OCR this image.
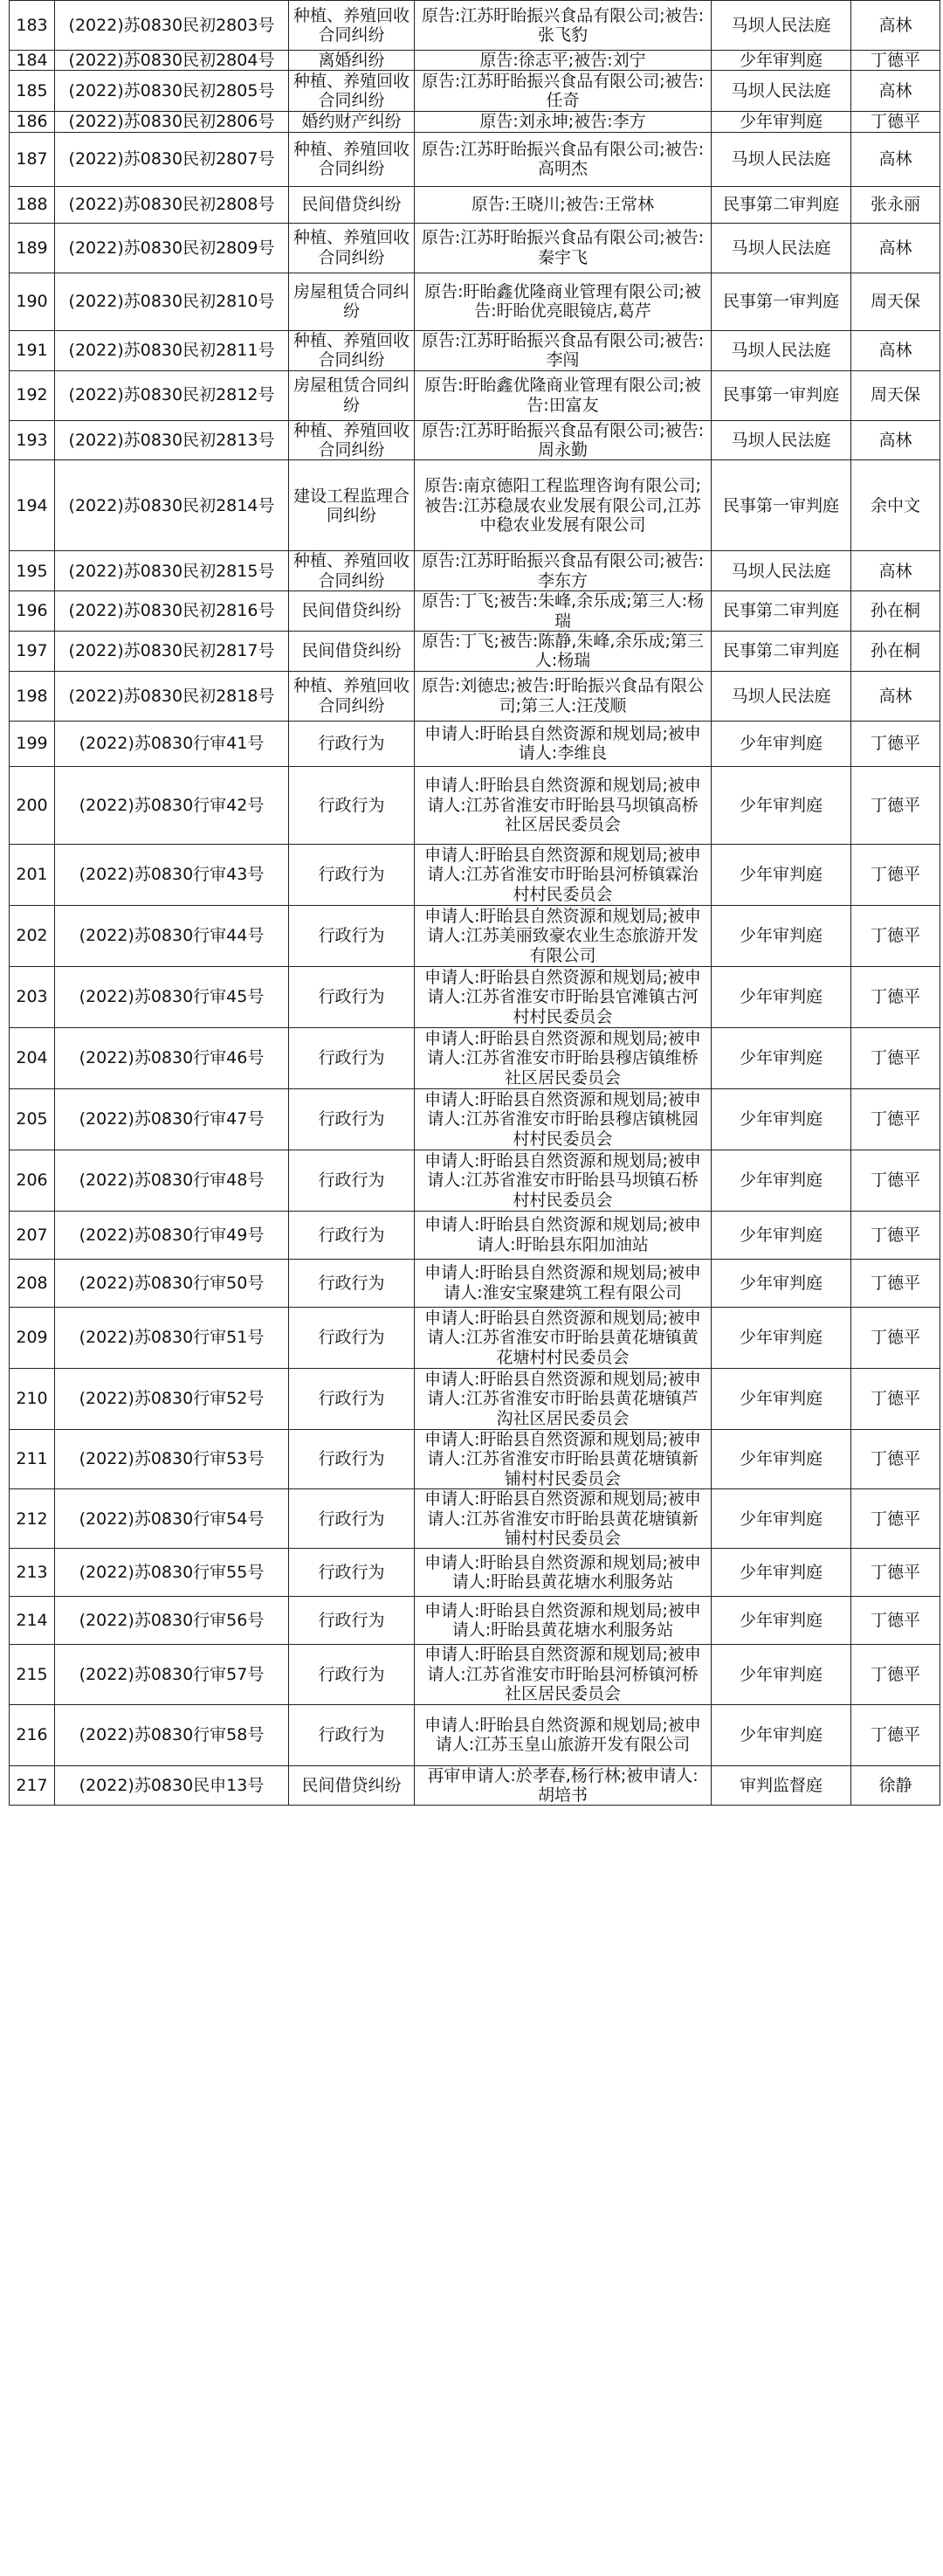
183	(2022)苏0830民初2803号	种植、养殖回收合同纠纷	原告:江苏盱眙振兴食品有限公司;被告:张飞豹	马坝人民法庭	高林
184	(2022)苏0830民初2804号	离婚纠纷	原告:徐志平;被告:刘宁	少年审判庭	丁德平
185	(2022)苏0830民初2805号	种植、养殖回收合同纠纷	原告:江苏盱眙振兴食品有限公司;被告:任奇	马坝人民法庭	高林
186	(2022)苏0830民初2806号	婚约财产纠纷	原告:刘永坤;被告:李方	少年审判庭	丁德平
187	(2022)苏0830民初2807号	种植、养殖回收合同纠纷	原告:江苏盱眙振兴食品有限公司;被告:高明杰	马坝人民法庭	高林
188	(2022)苏0830民初2808号	民间借贷纠纷	原告:王晓川;被告:王常林	民事第二审判庭	张永丽
189	(2022)苏0830民初2809号	种植、养殖回收合同纠纷	原告:江苏盱眙振兴食品有限公司;被告:秦宇飞	马坝人民法庭	高林
190	(2022)苏0830民初2810号	房屋租赁合同纠纷	原告:盱眙鑫优隆商业管理有限公司;被告:盱眙优亮眼镜店,葛芹	民事第一审判庭	周天保
191	(2022)苏0830民初2811号	种植、养殖回收合同纠纷	原告:江苏盱眙振兴食品有限公司;被告:李闯	马坝人民法庭	高林
192	(2022)苏0830民初2812号	房屋租赁合同纠纷	原告:盱眙鑫优隆商业管理有限公司;被告:田富友	民事第一审判庭	周天保
193	(2022)苏0830民初2813号	种植、养殖回收合同纠纷	原告:江苏盱眙振兴食品有限公司;被告:周永勤	马坝人民法庭	高林
194	(2022)苏0830民初2814号	建设工程监理合同纠纷	原告:南京德阳工程监理咨询有限公司;被告:江苏稳晟农业发展有限公司,江苏中稳农业发展有限公司	民事第一审判庭	余中文
195	(2022)苏0830民初2815号	种植、养殖回收合同纠纷	原告:江苏盱眙振兴食品有限公司;被告:李东方	马坝人民法庭	高林
196	(2022)苏0830民初2816号	民间借贷纠纷	原告:丁飞;被告:朱峰,余乐成;第三人:杨瑞	民事第二审判庭	孙在桐
197	(2022)苏0830民初2817号	民间借贷纠纷	原告:丁飞;被告:陈静,朱峰,余乐成;第三人:杨瑞	民事第二审判庭	孙在桐
198	(2022)苏0830民初2818号	种植、养殖回收合同纠纷	原告:刘德忠;被告:盱眙振兴食品有限公司;第三人:汪茂顺	马坝人民法庭	高林
199	(2022)苏0830行审41号	行政行为	申请人:盱眙县自然资源和规划局;被申请人:李维良	少年审判庭	丁德平
200	(2022)苏0830行审42号	行政行为	申请人:盱眙县自然资源和规划局;被申请人:江苏省淮安市盱眙县马坝镇高桥社区居民委员会	少年审判庭	丁德平
201	(2022)苏0830行审43号	行政行为	申请人:盱眙县自然资源和规划局;被申请人:江苏省淮安市盱眙县河桥镇霖治村村民委员会	少年审判庭	丁德平
202	(2022)苏0830行审44号	行政行为	申请人:盱眙县自然资源和规划局;被申请人:江苏美丽致豪农业生态旅游开发有限公司	少年审判庭	丁德平
203	(2022)苏0830行审45号	行政行为	申请人:盱眙县自然资源和规划局;被申请人:江苏省淮安市盱眙县官滩镇古河村村民委员会	少年审判庭	丁德平
204	(2022)苏0830行审46号	行政行为	申请人:盱眙县自然资源和规划局;被申请人:江苏省淮安市盱眙县穆店镇维桥社区居民委员会	少年审判庭	丁德平
205	(2022)苏0830行审47号	行政行为	申请人:盱眙县自然资源和规划局;被申请人:江苏省淮安市盱眙县穆店镇桃园村村民委员会	少年审判庭	丁德平
206	(2022)苏0830行审48号	行政行为	申请人:盱眙县自然资源和规划局;被申请人:江苏省淮安市盱眙县马坝镇石桥村村民委员会	少年审判庭	丁德平
207	(2022)苏0830行审49号	行政行为	申请人:盱眙县自然资源和规划局;被申请人:盱眙县东阳加油站	少年审判庭	丁德平
208	(2022)苏0830行审50号	行政行为	申请人:盱眙县自然资源和规划局;被申请人:淮安宝聚建筑工程有限公司	少年审判庭	丁德平
209	(2022)苏0830行审51号	行政行为	申请人:盱眙县自然资源和规划局;被申请人:江苏省淮安市盱眙县黄花塘镇黄花塘村村民委员会	少年审判庭	丁德平
210	(2022)苏0830行审52号	行政行为	申请人:盱眙县自然资源和规划局;被申请人:江苏省淮安市盱眙县黄花塘镇芦沟社区居民委员会	少年审判庭	丁德平
211	(2022)苏0830行审53号	行政行为	申请人:盱眙县自然资源和规划局;被申请人:江苏省淮安市盱眙县黄花塘镇新铺村村民委员会	少年审判庭	丁德平
212	(2022)苏0830行审54号	行政行为	申请人:盱眙县自然资源和规划局;被申请人:江苏省淮安市盱眙县黄花塘镇新铺村村民委员会	少年审判庭	丁德平
213	(2022)苏0830行审55号	行政行为	申请人:盱眙县自然资源和规划局;被申请人:盱眙县黄花塘水利服务站	少年审判庭	丁德平
214	(2022)苏0830行审56号	行政行为	申请人:盱眙县自然资源和规划局;被申请人:盱眙县黄花塘水利服务站	少年审判庭	丁德平
215	(2022)苏0830行审57号	行政行为	申请人:盱眙县自然资源和规划局;被申请人:江苏省淮安市盱眙县河桥镇河桥社区居民委员会	少年审判庭	丁德平
216	(2022)苏0830行审58号	行政行为	申请人:盱眙县自然资源和规划局;被申请人:江苏玉皇山旅游开发有限公司	少年审判庭	丁德平
217	(2022)苏0830民申13号	民间借贷纠纷	再审申请人:於孝春,杨行林;被申请人:胡培书	审判监督庭	徐静
